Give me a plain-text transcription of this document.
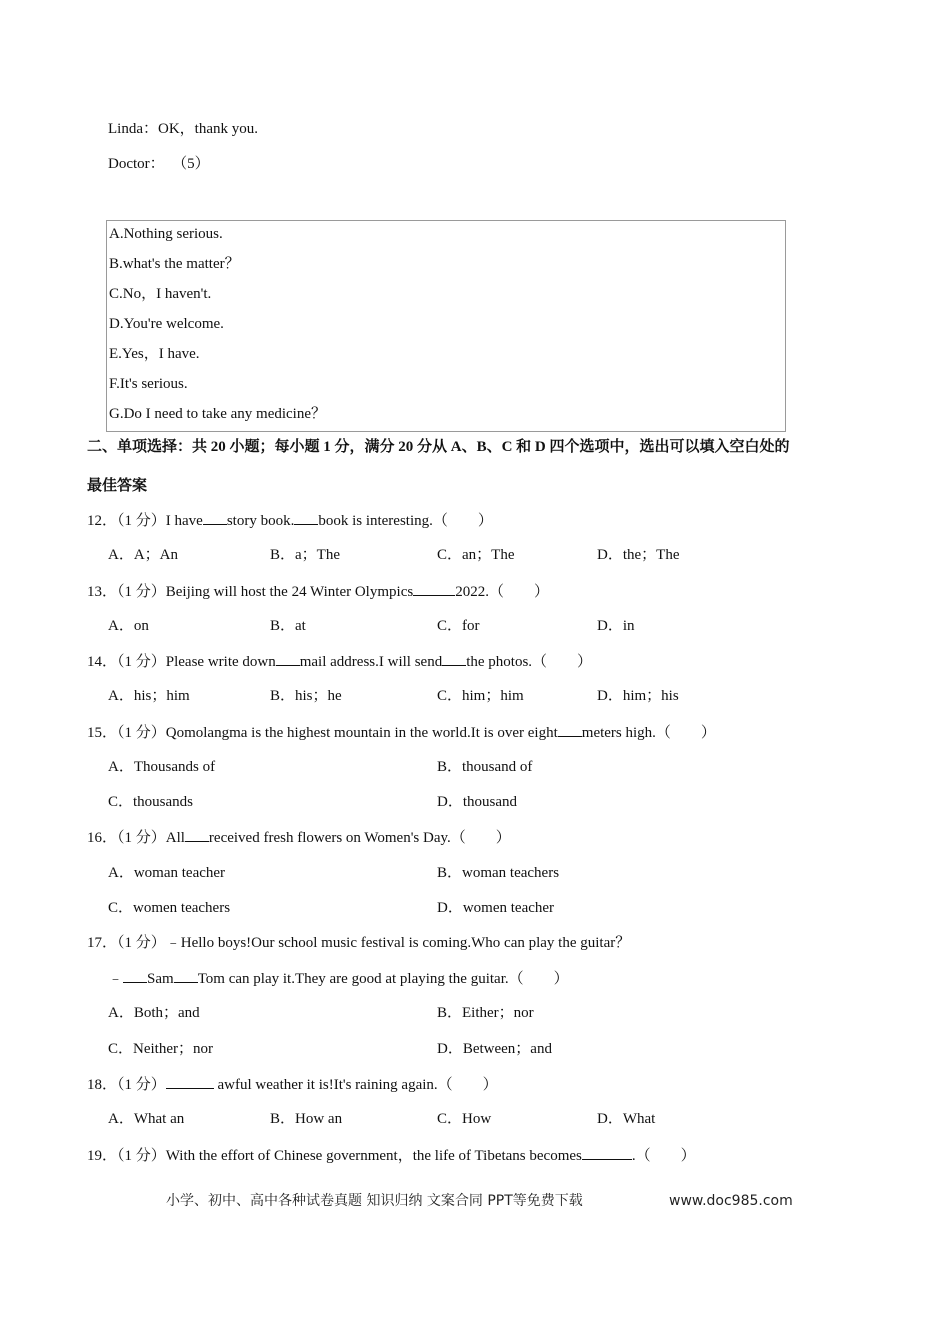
Linda：OK，thank you.
Doctor：  （5）
A.Nothing serious.
B.what's the matter？
C.No，I haven't.
D.You're welcome.
E.Yes，I have.
F.It's serious.
G.Do I need to take any medicine？
二、单项选择：共 20 小题；每小题 1 分，满分 20 分从 A、B、C 和 D 四个选项中，选出可以填入空白处的
最佳答案
12．（1 分）I have story book. book is interesting.（        ）
A．A；An	B．a；The	C．an；The	D．the；The
13．（1 分）Beijing will host the 24 Winter Olympics	2022.（        ）
A．on	B．at	C．for	D．in
14．（1 分）Please write down mail address.I will send the photos.（        ）
A．his；him	B．his；he	C．him；him	D．him；his
15．（1 分）Qomolangma is the highest mountain in the world.It is over eight meters high.（        ）
A．Thousands of	B．thousand of
C．thousands	D．thousand
16．（1 分）All received fresh flowers on Women's Day.（        ）
A．woman teacher	B．woman teachers
C．women teachers	D．women teacher
17．（1 分）﹣Hello boys!Our school music festival is coming.Who can play the guitar？
﹣ Sam Tom can play it.They are good at playing the guitar.（        ）
A．Both；and	B．Either；nor
C．Neither；nor	D．Between；and
18．（1 分）	awful weather it is!It's raining again.（        ）
A．What an	B．How an	C．How	D．What
19．（1 分）With the effort of Chinese government，the life of Tibetans becomes	.（        ）
小学、初中、高中各种试卷真题 知识归纳 文案合同 PPT等免费下载	www.doc985.com
